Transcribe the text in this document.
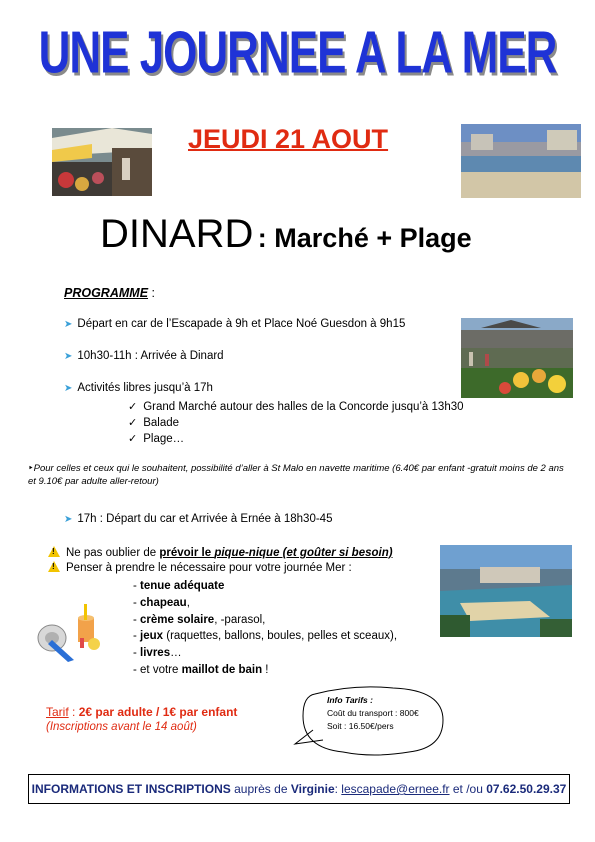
UNE JOURNEE A LA MER
JEUDI 21 AOUT
DINARD : Marché + Plage
PROGRAMME :
➤ Départ en car de l’Escapade à 9h et Place Noé Guesdon à 9h15
➤ 10h30-11h : Arrivée à Dinard
➤ Activités libres jusqu’à 17h
✓ Grand Marché autour des halles de la Concorde jusqu’à 13h30
✓ Balade
✓ Plage…
‣Pour celles et ceux qui le souhaitent, possibilité d’aller à St Malo en navette maritime (6.40€ par enfant -gratuit moins de 2 ans et 9.10€ par adulte aller-retour)
➤ 17h : Départ du car et Arrivée à Ernée à 18h30-45
!Ne pas oublier de prévoir le pique-nique (et goûter si besoin)
!Penser à prendre le nécessaire pour votre journée Mer :
- tenue adéquate
- chapeau,
- crème solaire, -parasol,
- jeux (raquettes, ballons, boules, pelles et sceaux),
- livres…
- et votre maillot de bain !
Tarif : 2€ par adulte / 1€ par enfant
(Inscriptions avant le 14 août)
Info Tarifs :
Coût du transport : 800€
Soit : 16.50€/pers
INFORMATIONS ET INSCRIPTIONS auprès de Virginie: lescapade@ernee.fr et /ou 07.62.50.29.37
